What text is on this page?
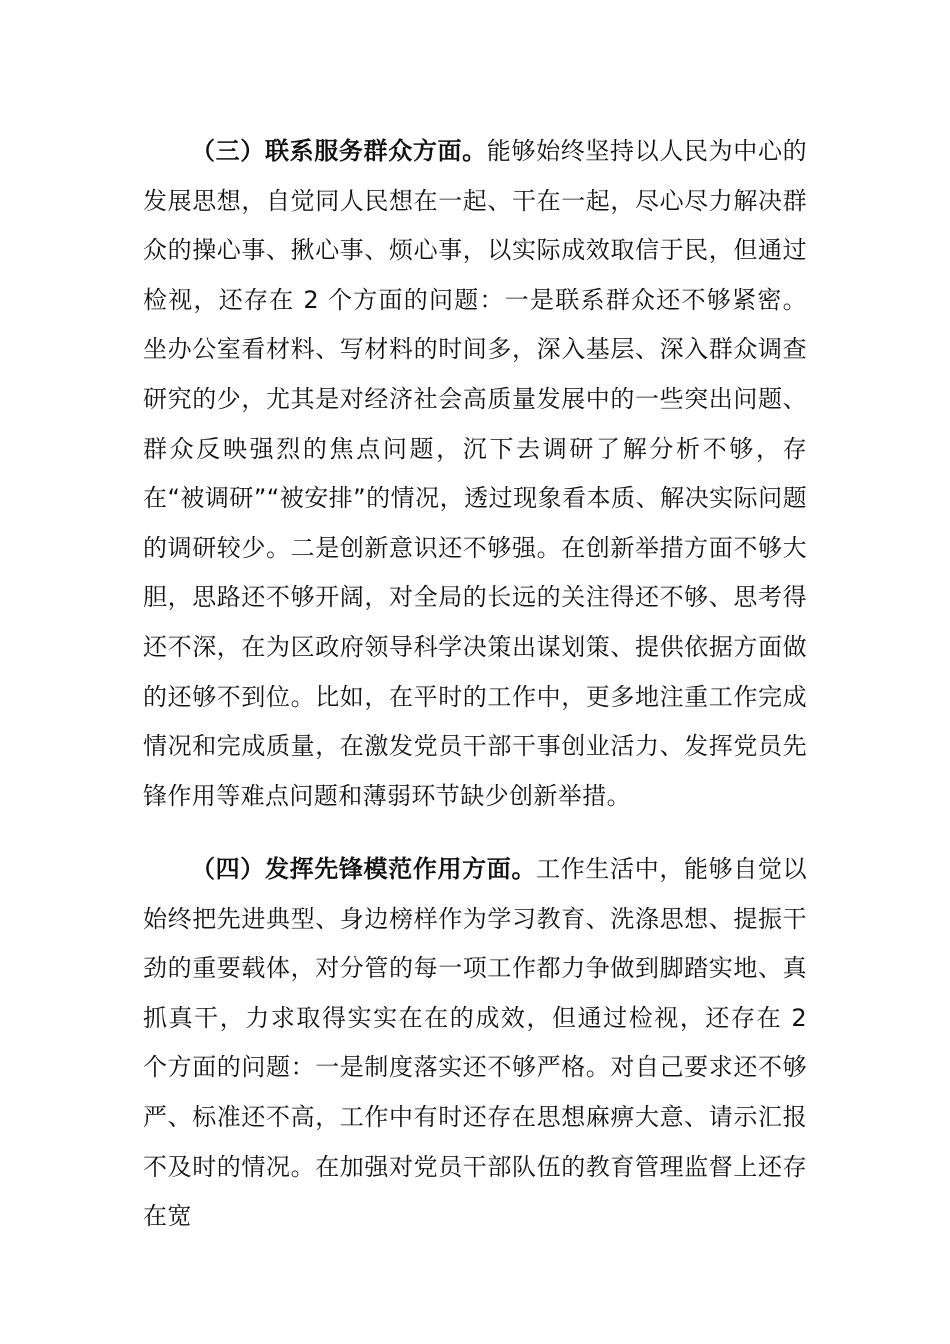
（三）联系服务群众方面。能够始终坚持以人民为中心的发展思想，自觉同人民想在一起、干在一起，尽心尽力解决群众的操心事、揪心事、烦心事，以实际成效取信于民，但通过检视，还存在 2 个方面的问题：一是联系群众还不够紧密。坐办公室看材料、写材料的时间多，深入基层、深入群众调查研究的少，尤其是对经济社会高质量发展中的一些突出问题、群众反映强烈的焦点问题，沉下去调研了解分析不够，存在“被调研”“被安排”的情况，透过现象看本质、解决实际问题的调研较少。二是创新意识还不够强。在创新举措方面不够大胆，思路还不够开阔，对全局的长远的关注得还不够、思考得还不深，在为区政府领导科学决策出谋划策、提供依据方面做的还够不到位。比如，在平时的工作中，更多地注重工作完成情况和完成质量，在激发党员干部干事创业活力、发挥党员先锋作用等难点问题和薄弱环节缺少创新举措。

（四）发挥先锋模范作用方面。工作生活中，能够自觉以始终把先进典型、身边榜样作为学习教育、洗涤思想、提振干劲的重要载体，对分管的每一项工作都力争做到脚踏实地、真抓真干，力求取得实实在在的成效，但通过检视，还存在 2 个方面的问题：一是制度落实还不够严格。对自己要求还不够严、标准还不高，工作中有时还存在思想麻痹大意、请示汇报不及时的情况。在加强对党员干部队伍的教育管理监督上还存在宽
